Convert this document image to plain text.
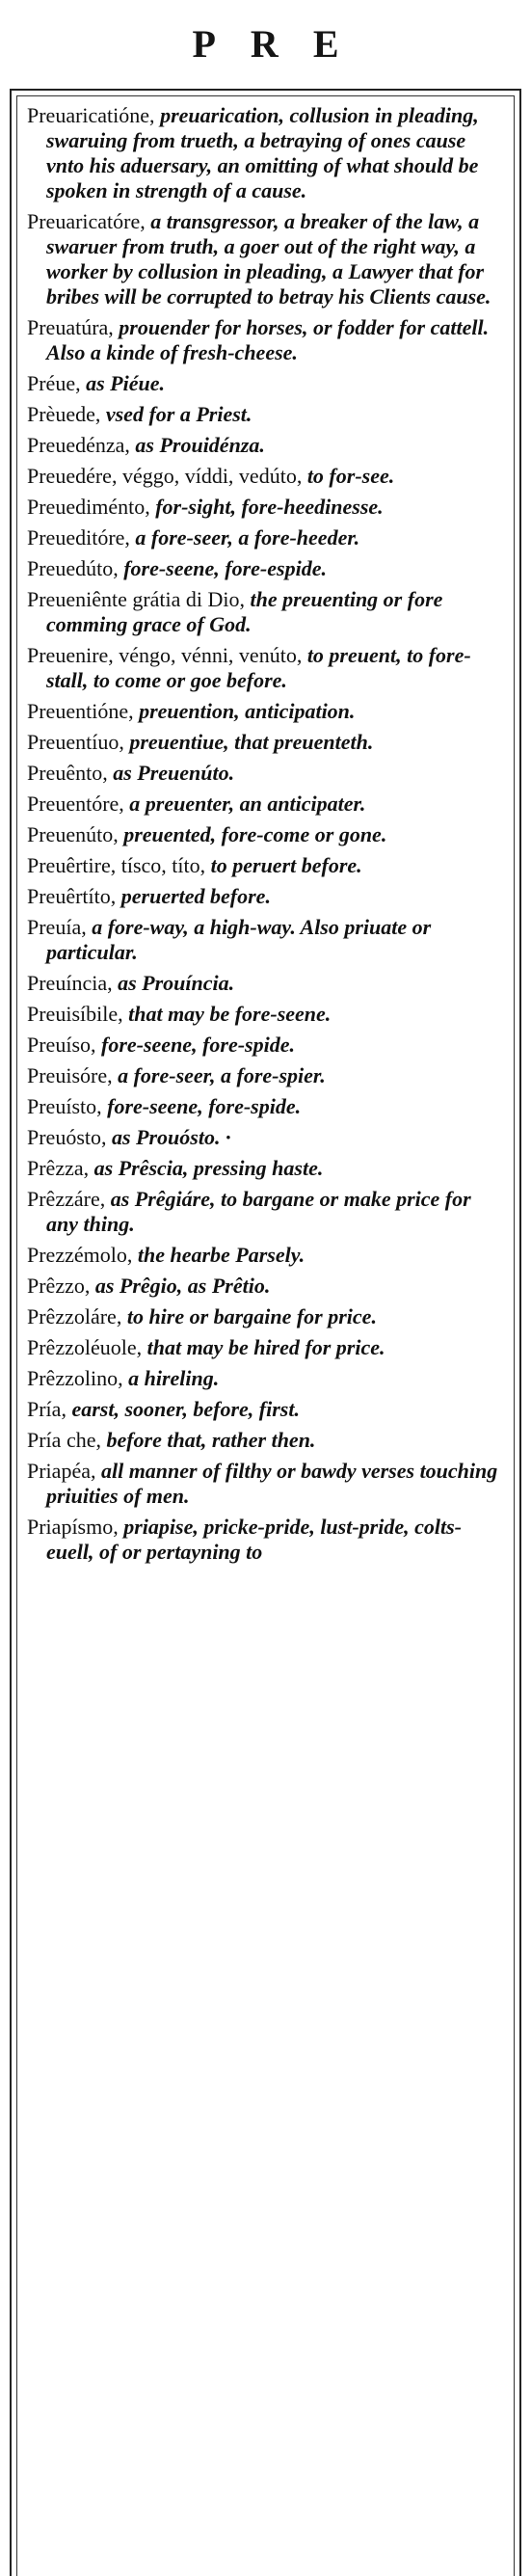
PRE

Preuaricatióne, preuarication, collusion in pleading, swaruing from trueth, a betraying of ones cause vnto his aduersary, an omitting of what should be spoken in strength of a cause.

Preuaricatóre, a transgressor, a breaker of the law, a swaruer from truth, a goer out of the right way, a worker by collusion in pleading, a Lawyer that for bribes will be corrupted to betray his Clients cause.

Preuatúra, prouender for horses, or fodder for cattell. Also a kinde of fresh-cheese.

Préue, as Piéue.

Prèuede, vsed for a Priest.

Preuedénza, as Prouidénza.

Preuedére, véggo, víddi, vedúto, to for-see.

Preuediménto, for-sight, fore-heedinesse.

Preueditóre, a fore-seer, a fore-heeder.

Preuedúto, fore-seene, fore-espide.

Preueniênte grátia di Dio, the preuenting or fore comming grace of God.

Preuenire, véngo, vénni, venúto, to preuent, to fore-stall, to come or goe before.

Preuentióne, preuention, anticipation.

Preuentíuo, preuentiue, that preuenteth.

Preuênto, as Preuenúto.

Preuentóre, a preuenter, an anticipater.

Preuenúto, preuented, fore-come or gone.

Preuêrtire, tísco, títo, to peruert before.

Preuêrtíto, peruerted before.

Preuía, a fore-way, a high-way. Also priuate or particular.

Preuíncia, as Prouíncia.

Preuisíbile, that may be fore-seene.

Preuíso, fore-seene, fore-spide.

Preuisóre, a fore-seer, a fore-spier.

Preuísto, fore-seene, fore-spide.

Preuósto, as Prouósto. ·

Prêzza, as Prêscia, pressing haste.

Prêzzáre, as Prêgiáre, to bargane or make price for any thing.

Prezzémolo, the hearbe Parsely.

Prêzzo, as Prêgio, as Prêtio.

Prêzzoláre, to hire or bargaine for price.

Prêzzoléuole, that may be hired for price.

Prêzzolino, a hireling.

Pría, earst, sooner, before, first.

Pría che, before that, rather then.

Priapéa, all manner of filthy or bawdy verses touching priuities of men.

Priapísmo, priapise, pricke-pride, lust-pride, colts-euell, of or pertayning to
